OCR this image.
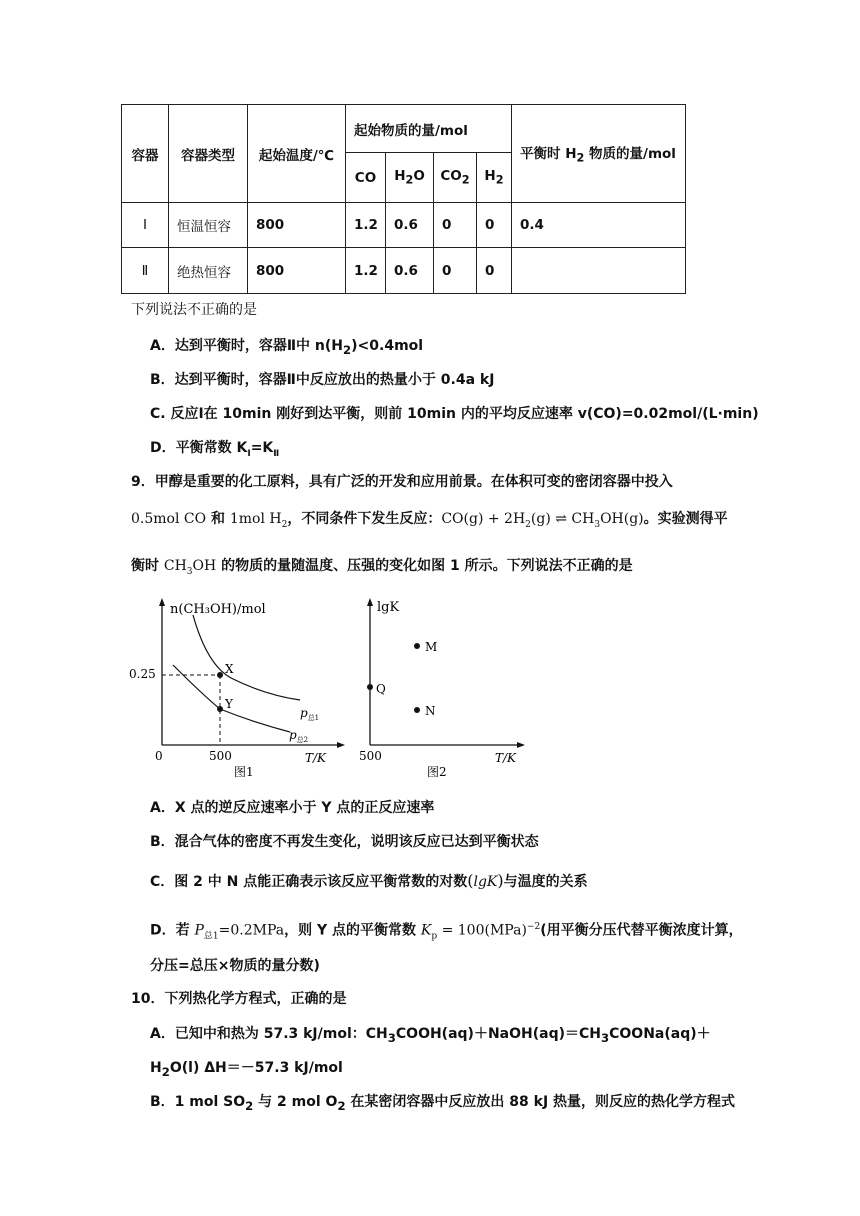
容器	容器类型	起始温度/℃	起始物质的量/mol				平衡时 $H_2$ 物质的量/mol
			CO	$H_2O$	$CO_2$	$H_2$
Ⅰ	恒温恒容	800	1.2	0.6	0	0	0.4
Ⅱ	绝热恒容	800	1.2	0.6	0	0	
下列说法不正确的是
A．达到平衡时，容器Ⅱ中 $n(H_2)<0.4mol$
B．达到平衡时，容器Ⅱ中反应放出的热量小于 0.4a kJ
C. 反应Ⅰ在 10min 刚好到达平衡，则前 10min 内的平均反应速率 v(CO)=0.02mol/(L·min)
D．平衡常数 $K_Ⅰ=K_Ⅱ$
9．甲醇是重要的化工原料，具有广泛的开发和应用前景。在体积可变的密闭容器中投入
0.5mol CO 和 1mol $H_2$，不同条件下发生反应：$CO(g) + 2H_2(g)$ ⇌ $CH_3OH(g)$。实验测得平
衡时 $CH_3OH$ 的物质的量随温度、压强的变化如图 1 所示。下列说法不正确的是
n(CH₃OH)/mol
0	500
0.25	X
Y
$p_{总1}$
$p_{总2}$
T/K
图1
lgK
500
Q
M
N
T/K
图2
A．X 点的逆反应速率小于 Y 点的正反应速率
B．混合气体的密度不再发生变化，说明该反应已达到平衡状态
C．图 2 中 N 点能正确表示该反应平衡常数的对数(lgK)与温度的关系
D．若 $P_{总1}=0.2MPa$，则 Y 点的平衡常数 $K_p = 100(MPa)^{-2}$(用平衡分压代替平衡浓度计算，
分压=总压×物质的量分数)
10．下列热化学方程式，正确的是
A．已知中和热为 57.3 kJ/mol：$CH_3COOH(aq)+NaOH(aq)=CH_3COONa(aq)+$
$H_2O(l)$ ΔH＝－57.3 kJ/mol
B．1 mol $SO_2$ 与 2 mol $O_2$ 在某密闭容器中反应放出 88 kJ 热量，则反应的热化学方程式
